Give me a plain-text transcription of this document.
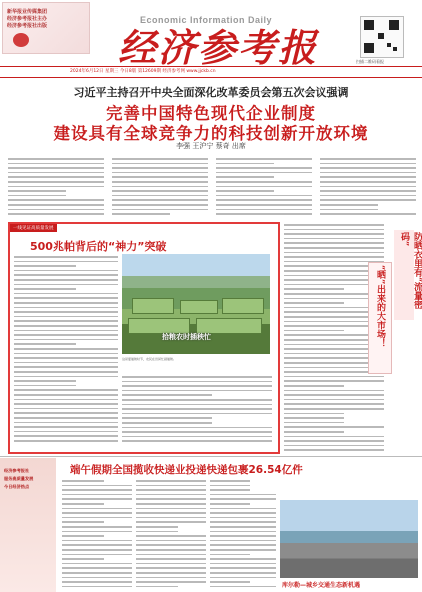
新华报业传媒集团
经济参考报社主办
经济参考报社出版
Economic Information Daily
经济参考报	扫描二维码看报
2024年6月12日 星期三 今日8版 第12609期 经济参考网 www.jjckb.cn
习近平主持召开中央全面深化改革委员会第五次会议强调
完善中国特色现代企业制度
建设具有全球竞争力的科技创新开放环境
李强 王沪宁 蔡奇 出席
一线见证高质量发展
500兆帕背后的“神力”突破
拾粮农时插秧忙
这是夏插秧时节，农民在田间忙碌插秧。
防晒衣里有“流量密码”
“晒”出来的大市场！
端午假期全国揽收快递业投递快递包裹26.54亿件
经济参考报社
服务高质量发展
今日经济热点
库尔勒—城乡交通生态新机遇
